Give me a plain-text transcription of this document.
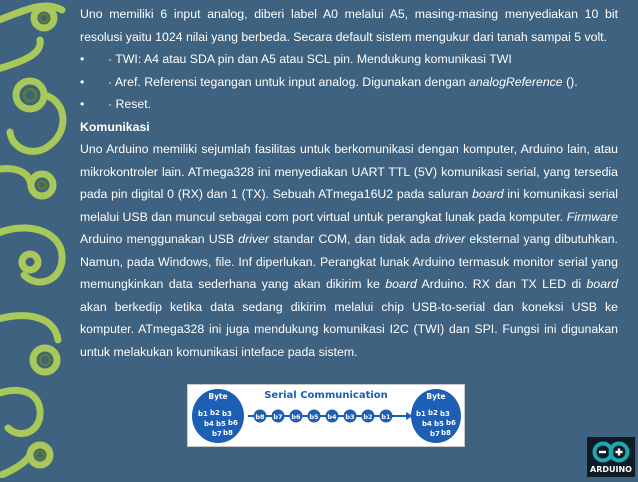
Uno memiliki 6 input analog, diberi label A0 melalui A5, masing-masing menyediakan 10 bit resolusi yaitu 1024 nilai yang berbeda. Secara default sistem mengukur dari tanah sampai 5 volt.

•	· TWI: A4 atau SDA pin dan A5 atau SCL pin. Mendukung komunikasi TWI
•	· Aref. Referensi tegangan untuk input analog. Digunakan dengan analogReference ().
•	· Reset.

Komunikasi

Uno Arduino memiliki sejumlah fasilitas untuk berkomunikasi dengan komputer, Arduino lain, atau mikrokontroler lain. ATmega328 ini menyediakan UART TTL (5V) komunikasi serial, yang tersedia pada pin digital 0 (RX) dan 1 (TX). Sebuah ATmega16U2 pada saluran board ini komunikasi serial melalui USB dan muncul sebagai com port virtual untuk perangkat lunak pada komputer. Firmware Arduino menggunakan USB driver standar COM, dan tidak ada driver eksternal yang dibutuhkan. Namun, pada Windows, file. Inf diperlukan. Perangkat lunak Arduino termasuk monitor serial yang memungkinkan data sederhana yang akan dikirim ke board Arduino. RX dan TX LED di board akan berkedip ketika data sedang dikirim melalui chip USB-to-serial dan koneksi USB ke komputer. ATmega328 ini juga mendukung komunikasi I2C (TWI) dan SPI. Fungsi ini digunakan untuk melakukan komunikasi inteface pada sistem.

Byte
b1 b2 b3
b4 b5 b6
b7 b8
Serial Communication
b8 b7 b6 b5 b4 b3 b2 b1
Byte
b1 b2 b3
b4 b5 b6
b7 b8
ARDUINO
